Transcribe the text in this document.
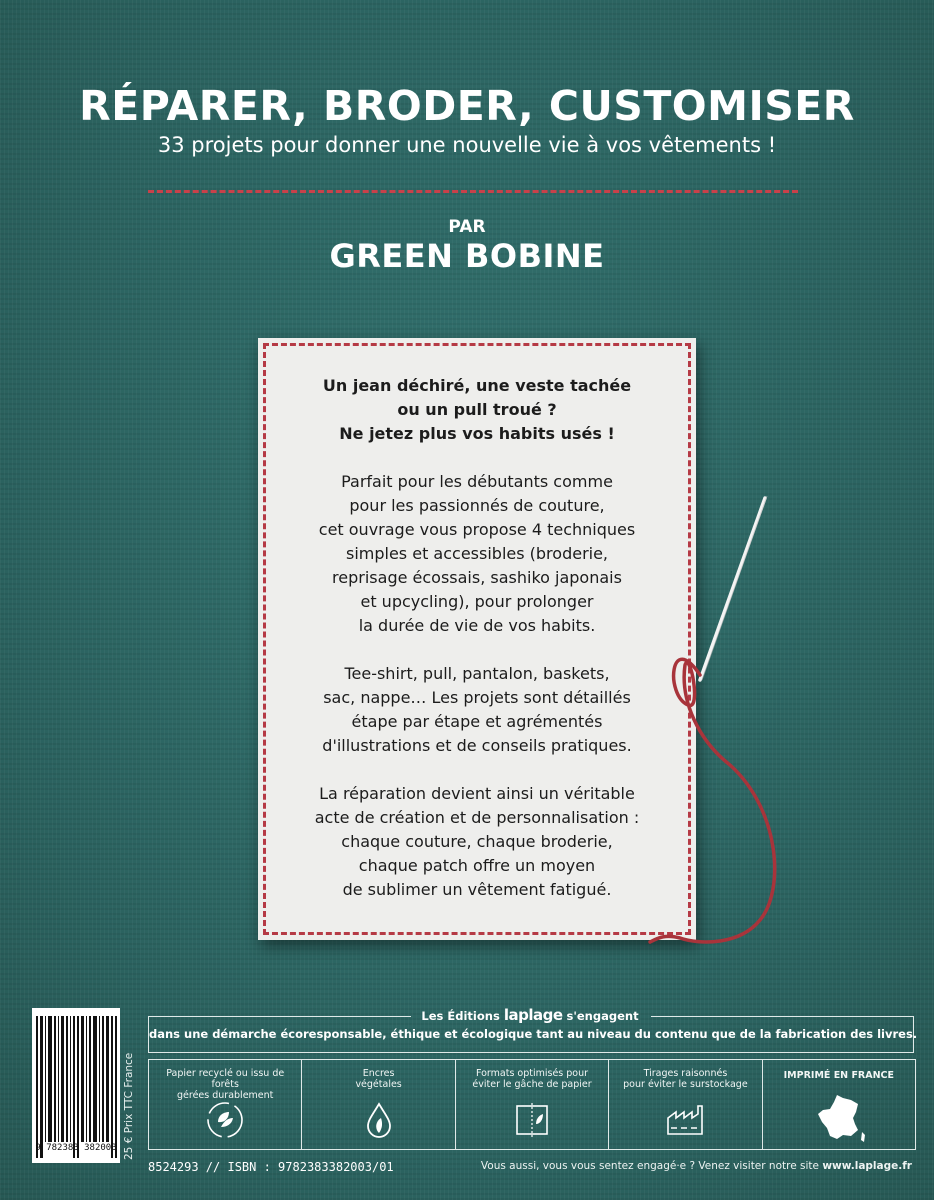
RÉPARER, BRODER, CUSTOMISER
33 projets pour donner une nouvelle vie à vos vêtements !
PAR
GREEN BOBINE

Un jean déchiré, une veste tachée
ou un pull troué ?
Ne jetez plus vos habits usés !

Parfait pour les débutants comme
pour les passionnés de couture,
cet ouvrage vous propose 4 techniques
simples et accessibles (broderie,
reprisage écossais, sashiko japonais
et upcycling), pour prolonger
la durée de vie de vos habits.

Tee-shirt, pull, pantalon, baskets,
sac, nappe… Les projets sont détaillés
étape par étape et agrémentés
d'illustrations et de conseils pratiques.

La réparation devient ainsi un véritable
acte de création et de personnalisation :
chaque couture, chaque broderie,
chaque patch offre un moyen
de sublimer un vêtement fatigué.

9 782383 382003 25 € Prix TTC France
Les Éditions laplage s'engagent
dans une démarche écoresponsable, éthique et écologique tant au niveau du contenu que de la fabrication des livres.
Papier recyclé ou issu de forêts
gérées durablement
Encres
végétales
Formats optimisés pour
éviter le gâche de papier
Tirages raisonnés
pour éviter le surstockage
IMPRIMÉ EN FRANCE
8524293 // ISBN : 9782383382003/01	Vous aussi, vous vous sentez engagé·e ? Venez visiter notre site www.laplage.fr
